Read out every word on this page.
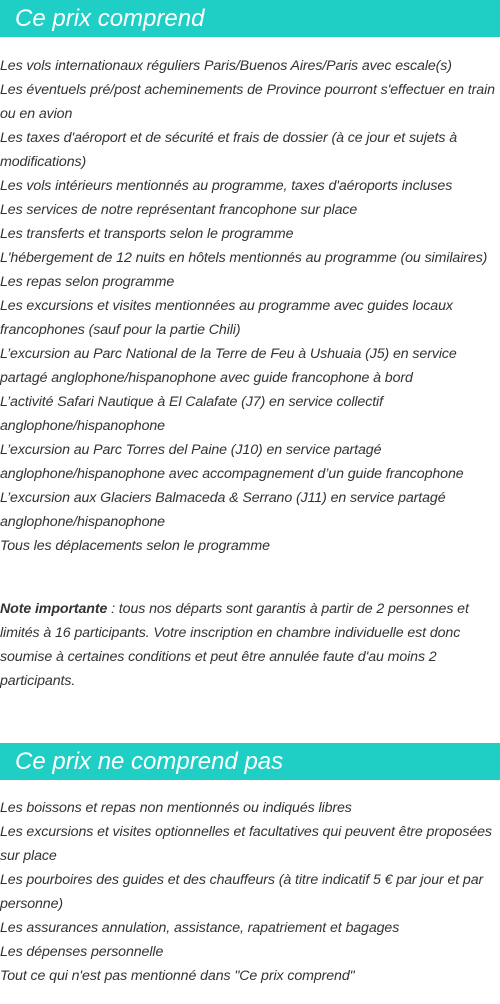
Ce prix comprend
Les vols internationaux réguliers Paris/Buenos Aires/Paris avec escale(s)
Les éventuels pré/post acheminements de Province pourront s'effectuer en train ou en avion
Les taxes d'aéroport et de sécurité et frais de dossier (à ce jour et sujets à modifications)
Les vols intérieurs mentionnés au programme, taxes d'aéroports incluses
Les services de notre représentant francophone sur place
Les transferts et transports selon le programme
L'hébergement de 12 nuits en hôtels mentionnés au programme (ou similaires)
Les repas selon programme
Les excursions et visites mentionnées au programme avec guides locaux francophones (sauf pour la partie Chili)
L’excursion au Parc National de la Terre de Feu à Ushuaia (J5) en service partagé anglophone/hispanophone avec guide francophone à bord
L’activité Safari Nautique à El Calafate (J7) en service collectif anglophone/hispanophone
L’excursion au Parc Torres del Paine (J10) en service partagé anglophone/hispanophone avec accompagnement d’un guide francophone
L’excursion aux Glaciers Balmaceda & Serrano (J11) en service partagé anglophone/hispanophone
Tous les déplacements selon le programme

Note importante : tous nos départs sont garantis à partir de 2 personnes et limités à 16 participants. Votre inscription en chambre individuelle est donc soumise à certaines conditions et peut être annulée faute d'au moins 2 participants.

Ce prix ne comprend pas
Les boissons et repas non mentionnés ou indiqués libres
Les excursions et visites optionnelles et facultatives qui peuvent être proposées sur place
Les pourboires des guides et des chauffeurs (à titre indicatif 5 € par jour et par personne)
Les assurances annulation, assistance, rapatriement et bagages
Les dépenses personnelle
Tout ce qui n'est pas mentionné dans "Ce prix comprend"
